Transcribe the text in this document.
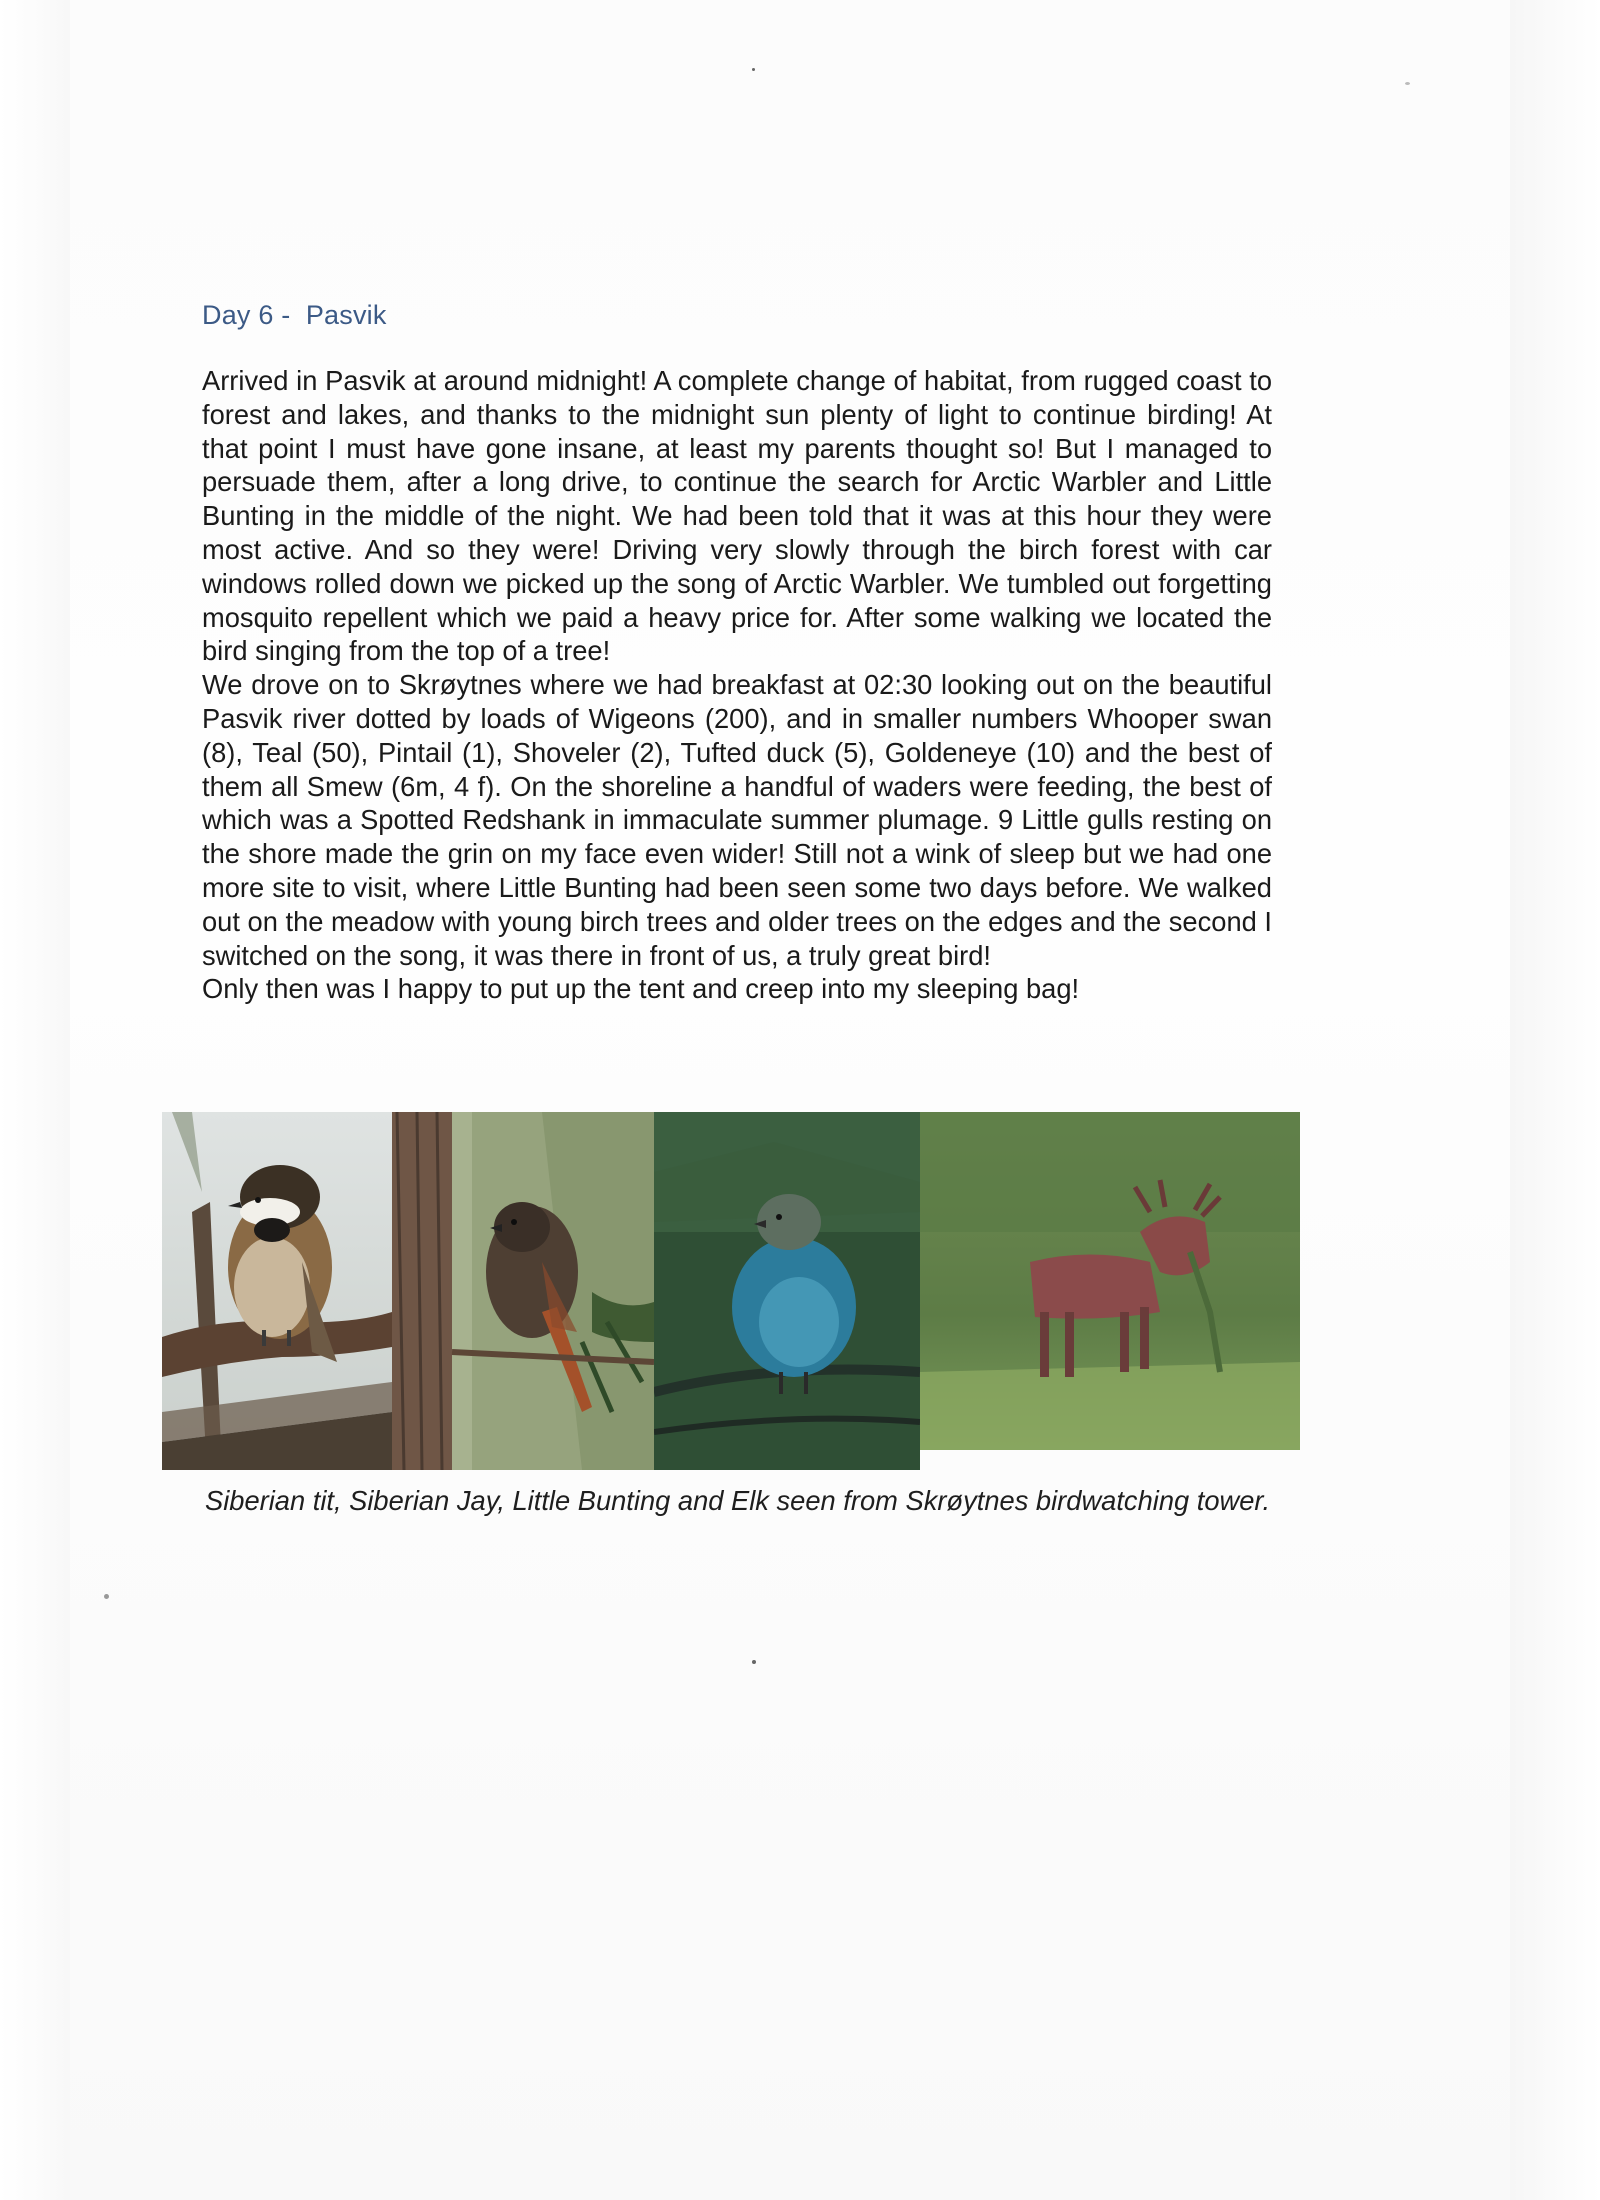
Day 6 -  Pasvik

Arrived in Pasvik at around midnight! A complete change of habitat, from rugged coast to forest and lakes, and thanks to the midnight sun plenty of light to continue birding! At that point I must have gone insane, at least my parents thought so! But I managed to persuade them, after a long drive, to continue the search for Arctic Warbler and Little Bunting in the middle of the night. We had been told that it was at this hour they were most active. And so they were! Driving very slowly through the birch forest with car windows rolled down we picked up the song of Arctic Warbler. We tumbled out forgetting mosquito repellent which we paid a heavy price for. After some walking we located the bird singing from the top of a tree!

We drove on to Skrøytnes where we had breakfast at 02:30 looking out on the beautiful Pasvik river dotted by loads of Wigeons (200), and in smaller numbers Whooper swan (8), Teal (50), Pintail (1), Shoveler (2), Tufted duck (5), Goldeneye (10) and the best of them all Smew (6m, 4 f). On the shoreline a handful of waders were feeding, the best of which was a Spotted Redshank in immaculate summer plumage. 9 Little gulls resting on the shore made the grin on my face even wider! Still not a wink of sleep but we had one more site to visit, where Little Bunting had been seen some two days before. We walked out on the meadow with young birch trees and older trees on the edges and the second I switched on the song, it was there in front of us, a truly great bird!

Only then was I happy to put up the tent and creep into my sleeping bag!

Siberian tit, Siberian Jay, Little Bunting and Elk seen from Skrøytnes birdwatching tower.
